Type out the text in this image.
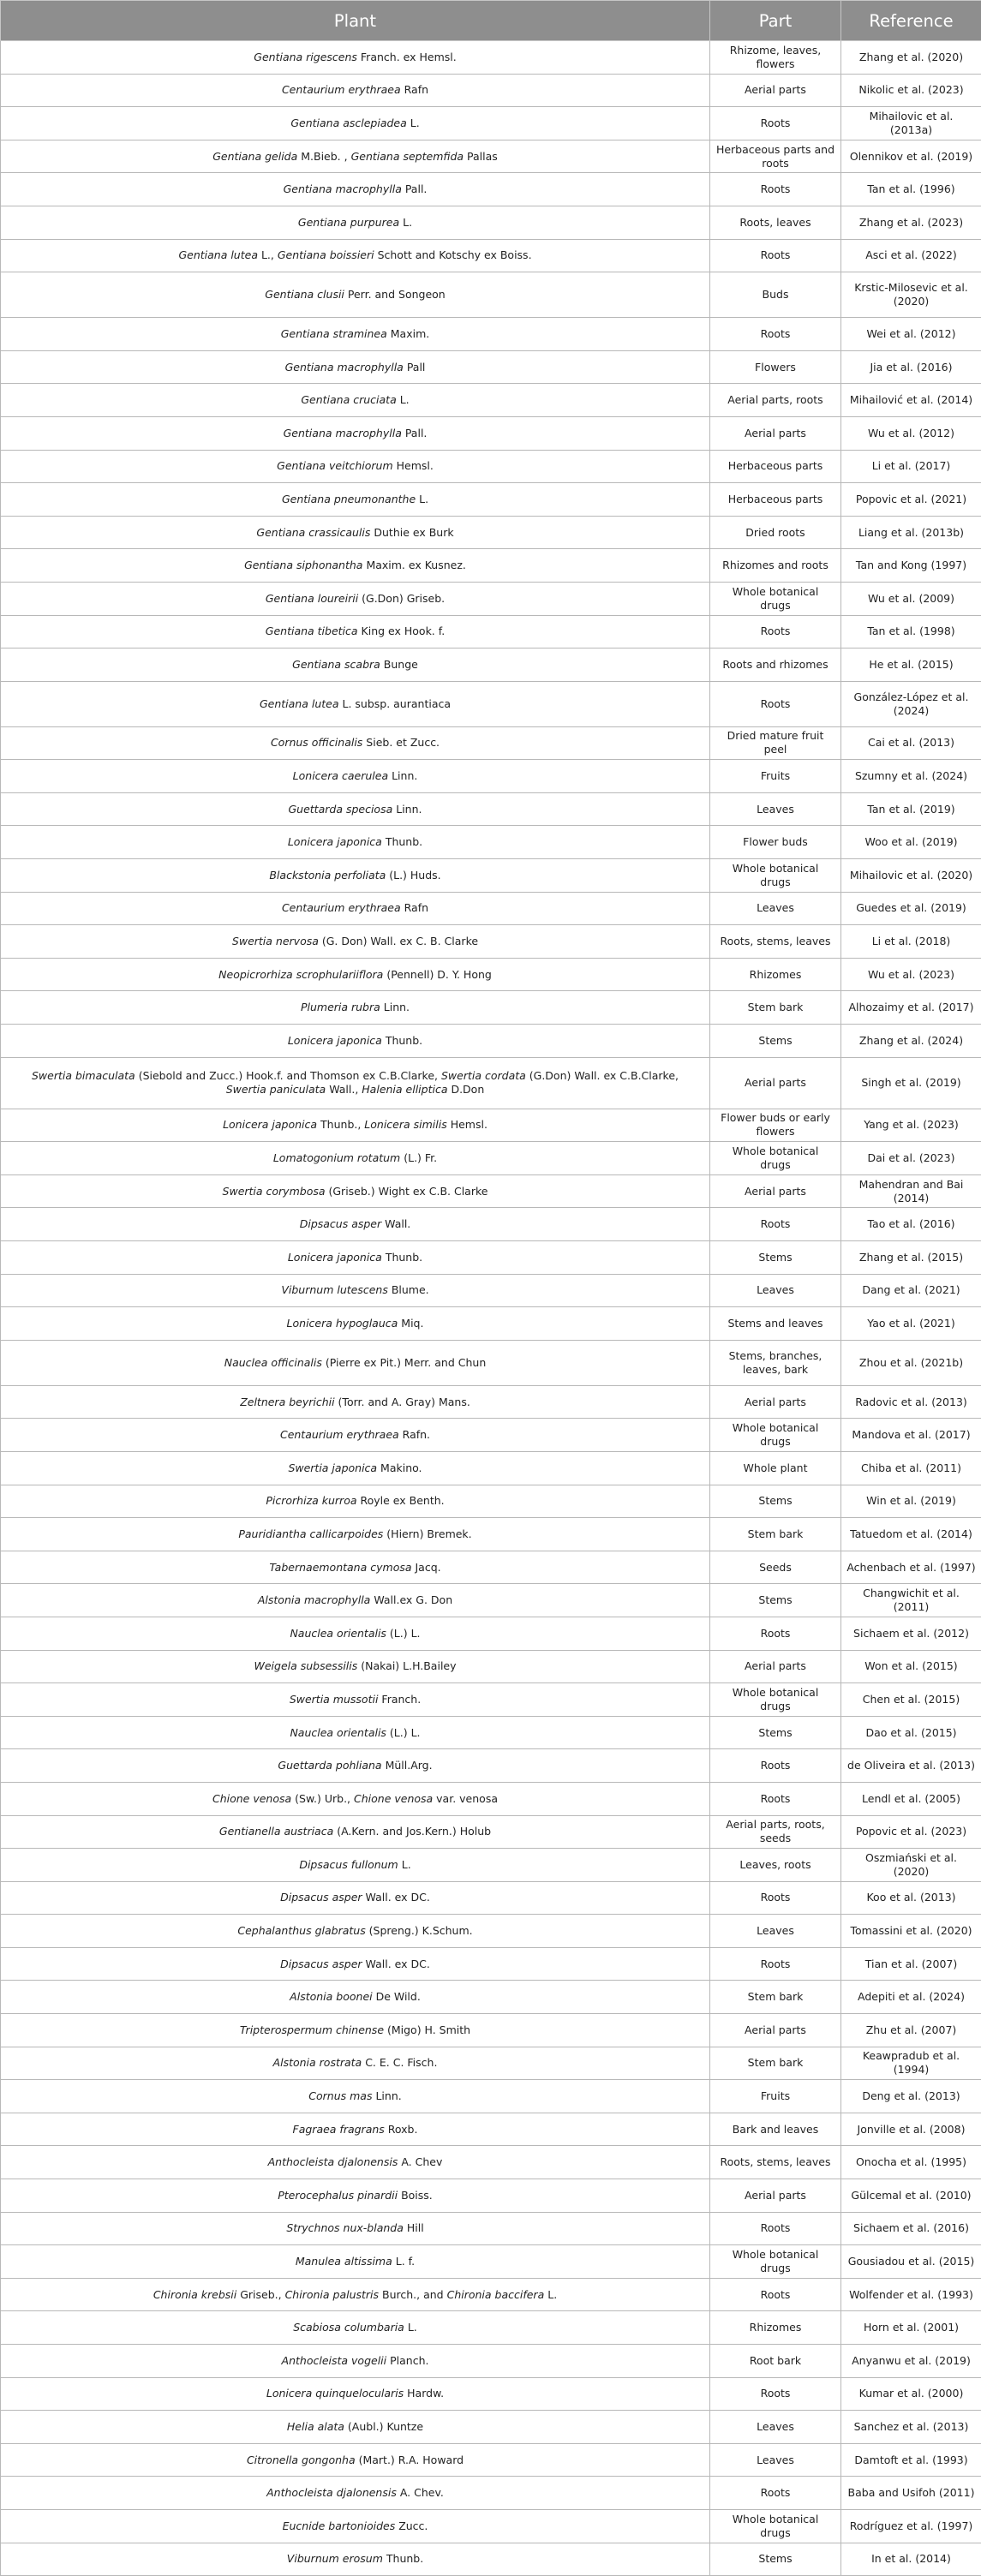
Plant	Part	Reference
Gentiana rigescens Franch. ex Hemsl.	Rhizome, leaves, flowers	Zhang et al. (2020)
Centaurium erythraea Rafn	Aerial parts	Nikolic et al. (2023)
Gentiana asclepiadea L.	Roots	Mihailovic et al. (2013a)
Gentiana gelida M.Bieb. , Gentiana septemfida Pallas	Herbaceous parts and roots	Olennikov et al. (2019)
Gentiana macrophylla Pall.	Roots	Tan et al. (1996)
Gentiana purpurea L.	Roots, leaves	Zhang et al. (2023)
Gentiana lutea L., Gentiana boissieri Schott and Kotschy ex Boiss.	Roots	Asci et al. (2022)
Gentiana clusii Perr. and Songeon	Buds	Krstic-Milosevic et al. (2020)
Gentiana straminea Maxim.	Roots	Wei et al. (2012)
Gentiana macrophylla Pall	Flowers	Jia et al. (2016)
Gentiana cruciata L.	Aerial parts, roots	Mihailović et al. (2014)
Gentiana macrophylla Pall.	Aerial parts	Wu et al. (2012)
Gentiana veitchiorum Hemsl.	Herbaceous parts	Li et al. (2017)
Gentiana pneumonanthe L.	Herbaceous parts	Popovic et al. (2021)
Gentiana crassicaulis Duthie ex Burk	Dried roots	Liang et al. (2013b)
Gentiana siphonantha Maxim. ex Kusnez.	Rhizomes and roots	Tan and Kong (1997)
Gentiana loureirii (G.Don) Griseb.	Whole botanical drugs	Wu et al. (2009)
Gentiana tibetica King ex Hook. f.	Roots	Tan et al. (1998)
Gentiana scabra Bunge	Roots and rhizomes	He et al. (2015)
Gentiana lutea L. subsp. aurantiaca	Roots	González-López et al. (2024)
Cornus officinalis Sieb. et Zucc.	Dried mature fruit peel	Cai et al. (2013)
Lonicera caerulea Linn.	Fruits	Szumny et al. (2024)
Guettarda speciosa Linn.	Leaves	Tan et al. (2019)
Lonicera japonica Thunb.	Flower buds	Woo et al. (2019)
Blackstonia perfoliata (L.) Huds.	Whole botanical drugs	Mihailovic et al. (2020)
Centaurium erythraea Rafn	Leaves	Guedes et al. (2019)
Swertia nervosa (G. Don) Wall. ex C. B. Clarke	Roots, stems, leaves	Li et al. (2018)
Neopicrorhiza scrophulariiflora (Pennell) D. Y. Hong	Rhizomes	Wu et al. (2023)
Plumeria rubra Linn.	Stem bark	Alhozaimy et al. (2017)
Lonicera japonica Thunb.	Stems	Zhang et al. (2024)
Swertia bimaculata (Siebold and Zucc.) Hook.f. and Thomson ex C.B.Clarke, Swertia cordata (G.Don) Wall. ex C.B.Clarke,
Swertia paniculata Wall., Halenia elliptica D.Don	Aerial parts	Singh et al. (2019)
Lonicera japonica Thunb., Lonicera similis Hemsl.	Flower buds or early flowers	Yang et al. (2023)
Lomatogonium rotatum (L.) Fr.	Whole botanical drugs	Dai et al. (2023)
Swertia corymbosa (Griseb.) Wight ex C.B. Clarke	Aerial parts	Mahendran and Bai (2014)
Dipsacus asper Wall.	Roots	Tao et al. (2016)
Lonicera japonica Thunb.	Stems	Zhang et al. (2015)
Viburnum lutescens Blume.	Leaves	Dang et al. (2021)
Lonicera hypoglauca Miq.	Stems and leaves	Yao et al. (2021)
Nauclea officinalis (Pierre ex Pit.) Merr. and Chun	Stems, branches, leaves, bark	Zhou et al. (2021b)
Zeltnera beyrichii (Torr. and A. Gray) Mans.	Aerial parts	Radovic et al. (2013)
Centaurium erythraea Rafn.	Whole botanical drugs	Mandova et al. (2017)
Swertia japonica Makino.	Whole plant	Chiba et al. (2011)
Picrorhiza kurroa Royle ex Benth.	Stems	Win et al. (2019)
Pauridiantha callicarpoides (Hiern) Bremek.	Stem bark	Tatuedom et al. (2014)
Tabernaemontana cymosa Jacq.	Seeds	Achenbach et al. (1997)
Alstonia macrophylla Wall.ex G. Don	Stems	Changwichit et al. (2011)
Nauclea orientalis (L.) L.	Roots	Sichaem et al. (2012)
Weigela subsessilis (Nakai) L.H.Bailey	Aerial parts	Won et al. (2015)
Swertia mussotii Franch.	Whole botanical drugs	Chen et al. (2015)
Nauclea orientalis (L.) L.	Stems	Dao et al. (2015)
Guettarda pohliana Müll.Arg.	Roots	de Oliveira et al. (2013)
Chione venosa (Sw.) Urb., Chione venosa var. venosa	Roots	Lendl et al. (2005)
Gentianella austriaca (A.Kern. and Jos.Kern.) Holub	Aerial parts, roots, seeds	Popovic et al. (2023)
Dipsacus fullonum L.	Leaves, roots	Oszmiański et al. (2020)
Dipsacus asper Wall. ex DC.	Roots	Koo et al. (2013)
Cephalanthus glabratus (Spreng.) K.Schum.	Leaves	Tomassini et al. (2020)
Dipsacus asper Wall. ex DC.	Roots	Tian et al. (2007)
Alstonia boonei De Wild.	Stem bark	Adepiti et al. (2024)
Tripterospermum chinense (Migo) H. Smith	Aerial parts	Zhu et al. (2007)
Alstonia rostrata C. E. C. Fisch.	Stem bark	Keawpradub et al. (1994)
Cornus mas Linn.	Fruits	Deng et al. (2013)
Fagraea fragrans Roxb.	Bark and leaves	Jonville et al. (2008)
Anthocleista djalonensis A. Chev	Roots, stems, leaves	Onocha et al. (1995)
Pterocephalus pinardii Boiss.	Aerial parts	Gülcemal et al. (2010)
Strychnos nux-blanda Hill	Roots	Sichaem et al. (2016)
Manulea altissima L. f.	Whole botanical drugs	Gousiadou et al. (2015)
Chironia krebsii Griseb., Chironia palustris Burch., and Chironia baccifera L.	Roots	Wolfender et al. (1993)
Scabiosa columbaria L.	Rhizomes	Horn et al. (2001)
Anthocleista vogelii Planch.	Root bark	Anyanwu et al. (2019)
Lonicera quinquelocularis Hardw.	Roots	Kumar et al. (2000)
Helia alata (Aubl.) Kuntze	Leaves	Sanchez et al. (2013)
Citronella gongonha (Mart.) R.A. Howard	Leaves	Damtoft et al. (1993)
Anthocleista djalonensis A. Chev.	Roots	Baba and Usifoh (2011)
Eucnide bartonioides Zucc.	Whole botanical drugs	Rodríguez et al. (1997)
Viburnum erosum Thunb.	Stems	In et al. (2014)
